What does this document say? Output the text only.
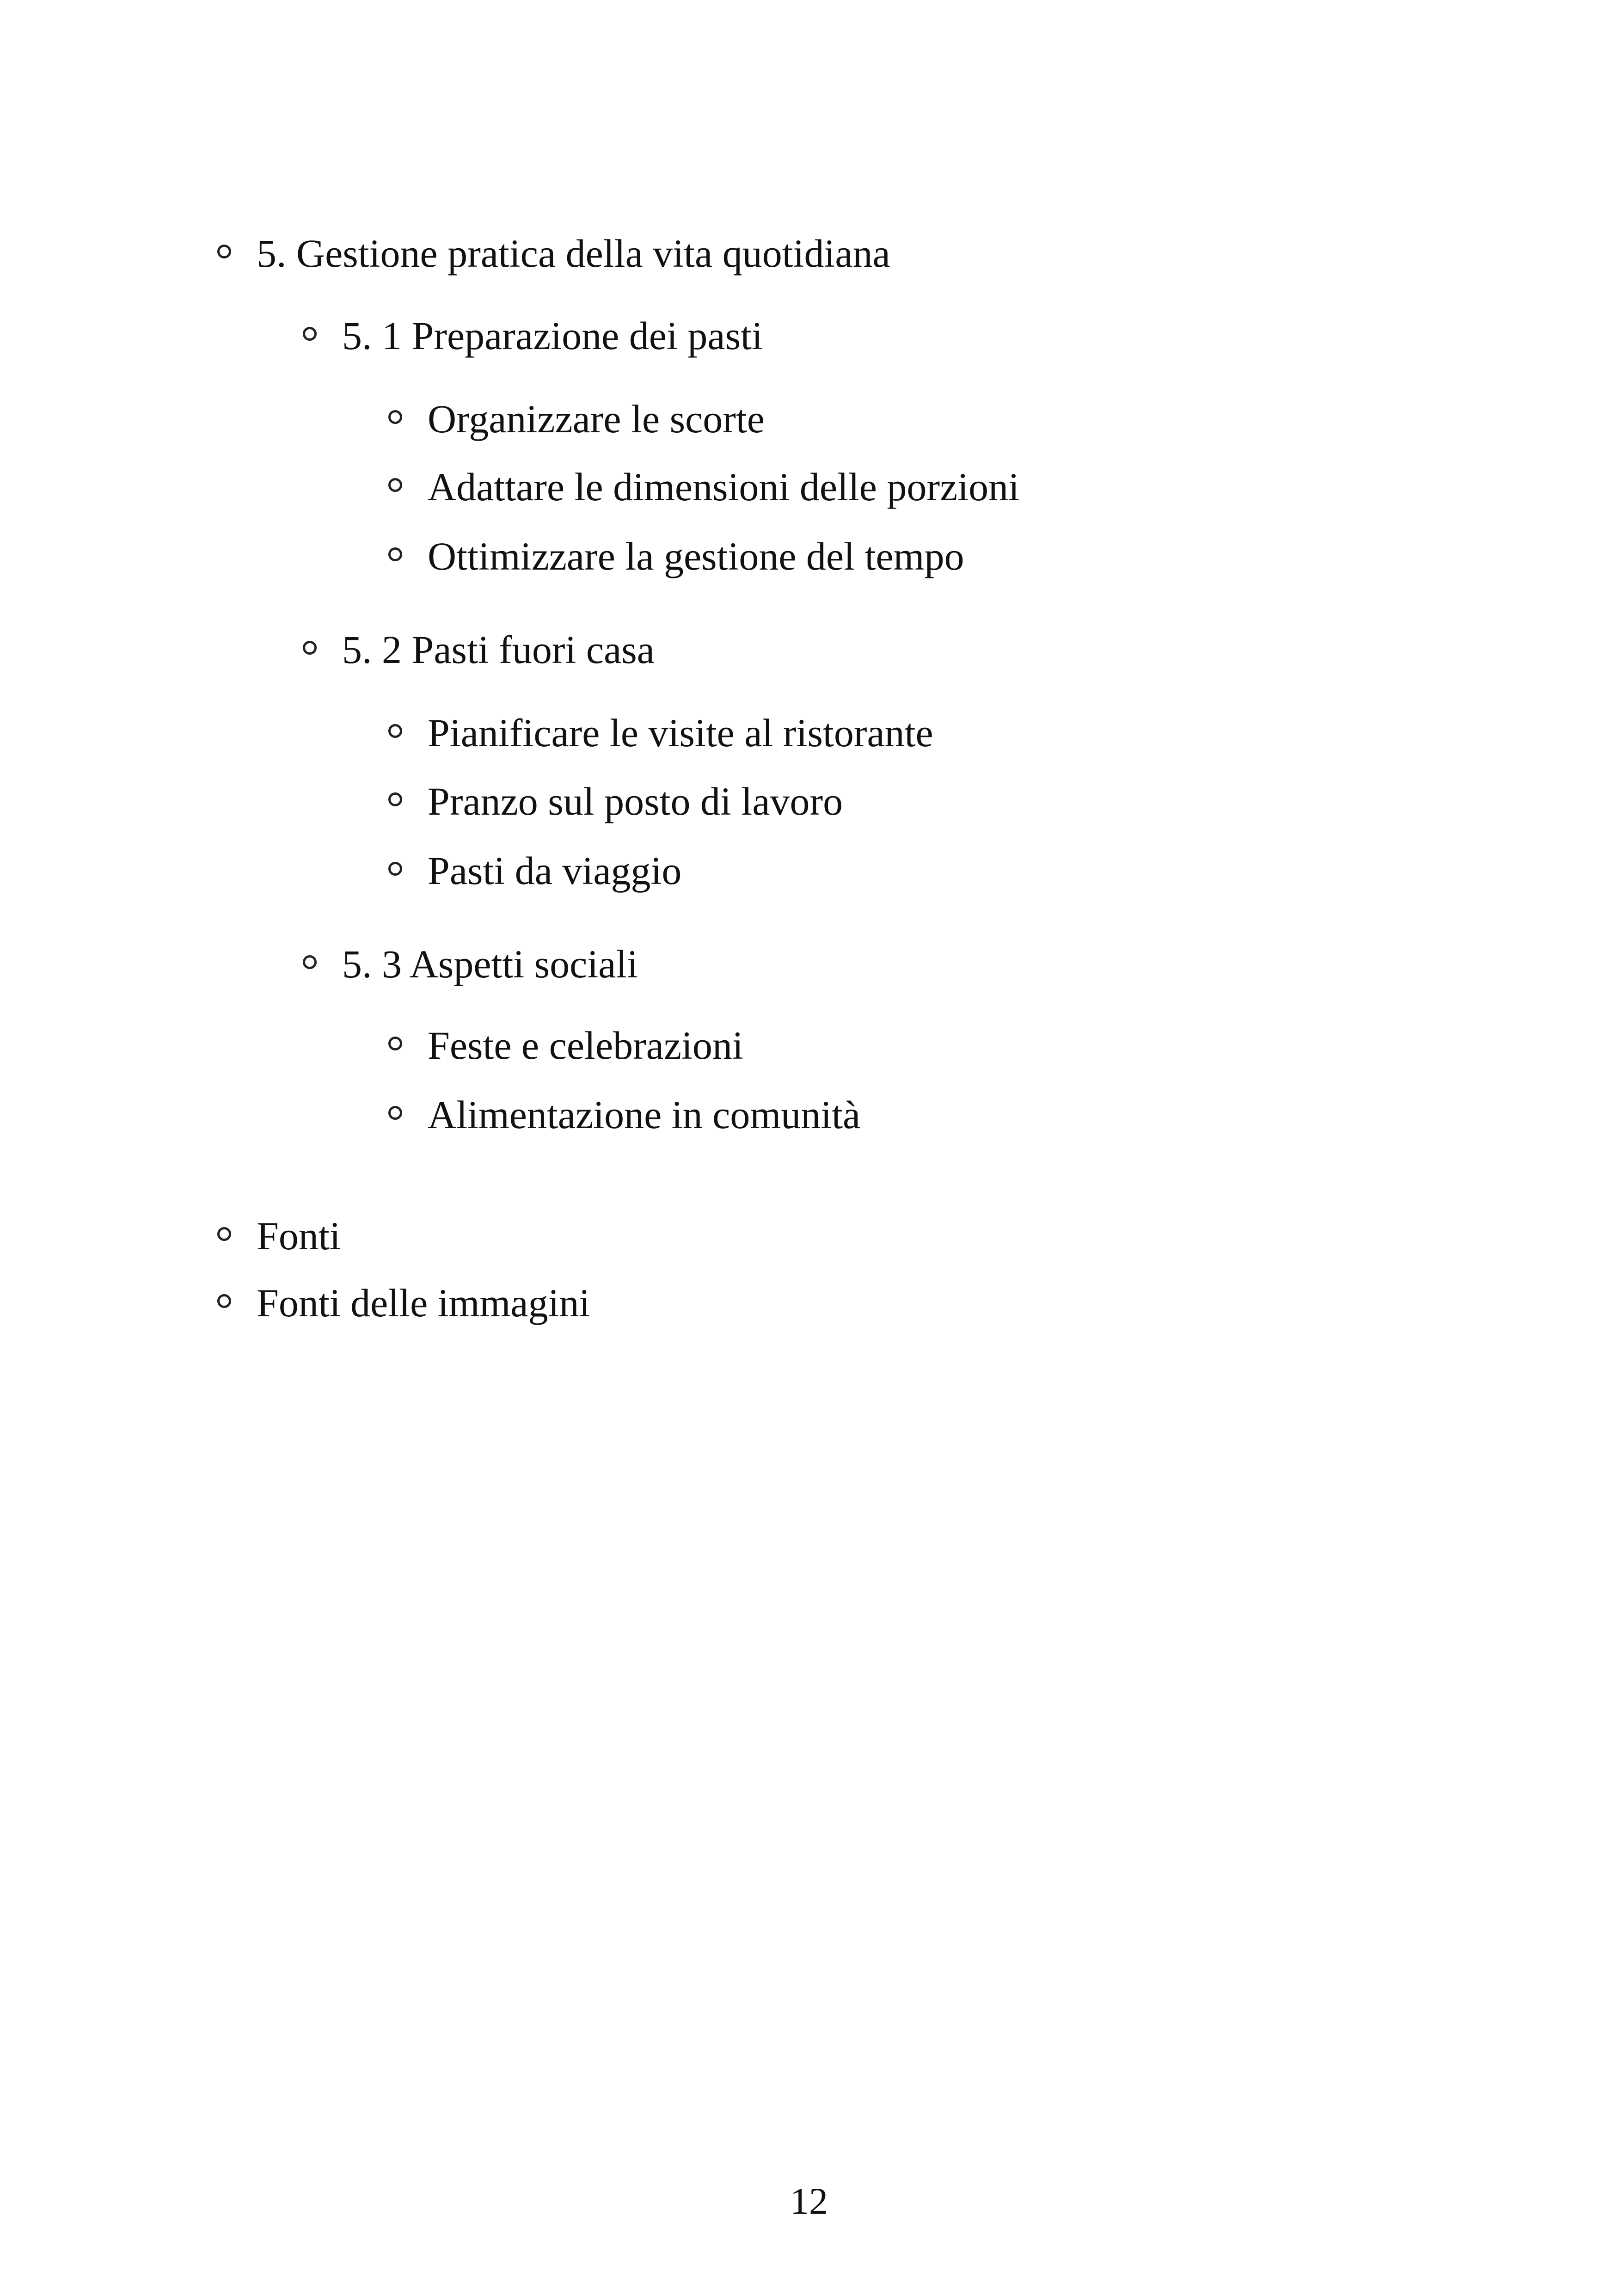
5. Gestione pratica della vita quotidiana
5. 1 Preparazione dei pasti
Organizzare le scorte
Adattare le dimensioni delle porzioni
Ottimizzare la gestione del tempo
5. 2 Pasti fuori casa
Pianificare le visite al ristorante
Pranzo sul posto di lavoro
Pasti da viaggio
5. 3 Aspetti sociali
Feste e celebrazioni
Alimentazione in comunità
Fonti
Fonti delle immagini
12
